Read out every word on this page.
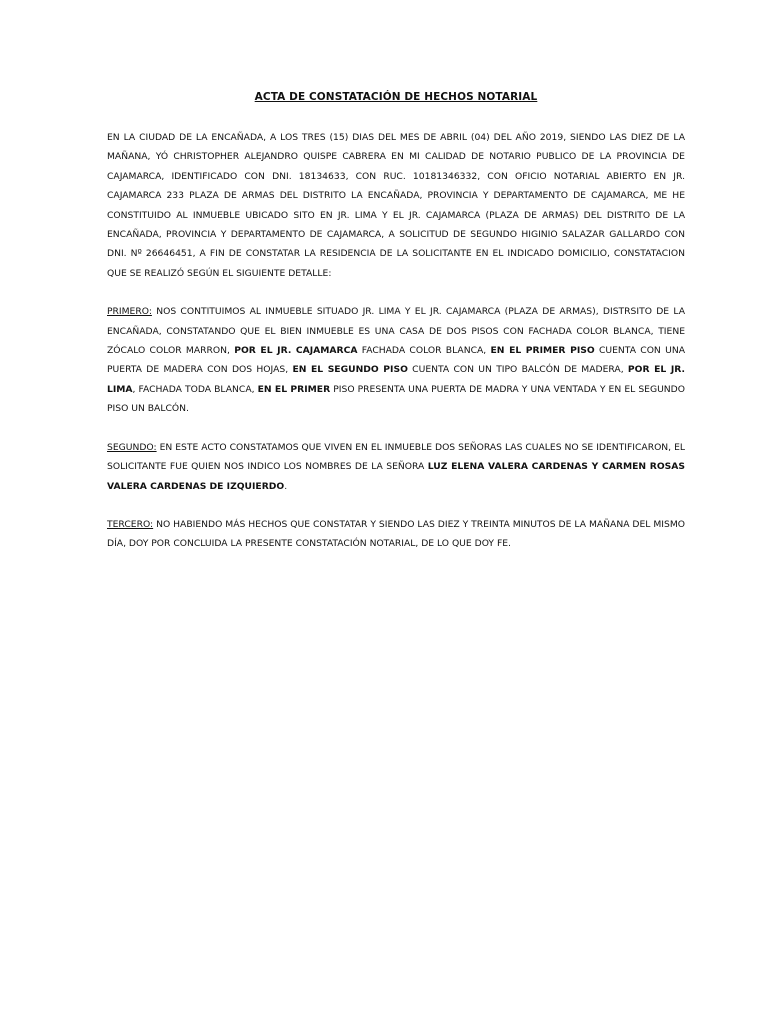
ACTA DE CONSTATACIÓN DE HECHOS NOTARIAL

EN LA CIUDAD DE LA ENCAÑADA, A LOS TRES (15) DIAS DEL MES DE ABRIL (04) DEL AÑO 2019, SIENDO LAS DIEZ DE LA MAÑANA, YÓ CHRISTOPHER ALEJANDRO QUISPE CABRERA EN MI CALIDAD DE NOTARIO PUBLICO DE LA PROVINCIA DE CAJAMARCA, IDENTIFICADO CON DNI. 18134633, CON RUC. 10181346332, CON OFICIO NOTARIAL ABIERTO EN JR. CAJAMARCA 233 PLAZA DE ARMAS DEL DISTRITO LA ENCAÑADA, PROVINCIA Y DEPARTAMENTO DE CAJAMARCA, ME HE CONSTITUIDO AL INMUEBLE UBICADO SITO EN JR. LIMA Y EL JR. CAJAMARCA (PLAZA DE ARMAS) DEL DISTRITO DE LA ENCAÑADA, PROVINCIA Y DEPARTAMENTO DE CAJAMARCA, A SOLICITUD DE SEGUNDO HIGINIO SALAZAR GALLARDO CON DNI. Nº 26646451, A FIN DE CONSTATAR LA RESIDENCIA DE LA SOLICITANTE EN EL INDICADO DOMICILIO, CONSTATACION QUE SE REALIZÓ SEGÚN EL SIGUIENTE DETALLE:

PRIMERO: NOS CONTITUIMOS AL INMUEBLE SITUADO JR. LIMA Y EL JR. CAJAMARCA (PLAZA DE ARMAS), DISTRSITO DE LA ENCAÑADA, CONSTATANDO QUE EL BIEN INMUEBLE ES UNA CASA DE DOS PISOS CON FACHADA COLOR BLANCA, TIENE ZÓCALO COLOR MARRON, POR EL JR. CAJAMARCA FACHADA COLOR BLANCA, EN EL PRIMER PISO CUENTA CON UNA PUERTA DE MADERA CON DOS HOJAS, EN EL SEGUNDO PISO CUENTA CON UN TIPO BALCÓN DE MADERA, POR EL JR. LIMA, FACHADA TODA BLANCA, EN EL PRIMER PISO PRESENTA UNA PUERTA DE MADRA Y UNA VENTADA Y EN EL SEGUNDO PISO UN BALCÓN.

SEGUNDO: EN ESTE ACTO CONSTATAMOS QUE VIVEN EN EL INMUEBLE DOS SEÑORAS LAS CUALES NO SE IDENTIFICARON, EL SOLICITANTE FUE QUIEN NOS INDICO LOS NOMBRES DE LA SEÑORA LUZ ELENA VALERA CARDENAS Y CARMEN ROSAS VALERA CARDENAS DE IZQUIERDO.

TERCERO: NO HABIENDO MÁS HECHOS QUE CONSTATAR Y SIENDO LAS DIEZ Y TREINTA MINUTOS DE LA MAÑANA DEL MISMO DÍA, DOY POR CONCLUIDA LA PRESENTE CONSTATACIÓN NOTARIAL, DE LO QUE DOY FE.
